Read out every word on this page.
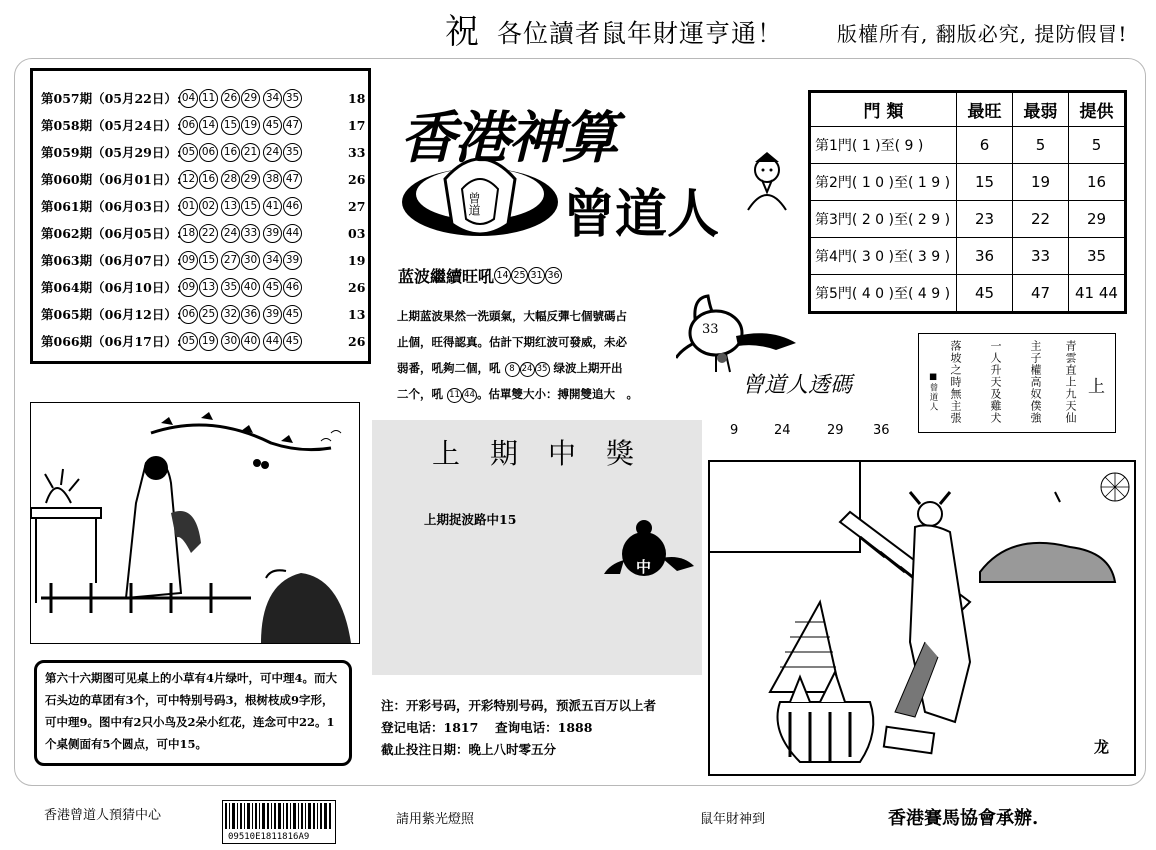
祝 各位讀者鼠年財運亨通！	版權所有, 翻版必究, 提防假冒!
第057期（05月22日）: 04 11 26 29 34 35	18
第058期（05月24日）: 06 14 15 19 45 47	17
第059期（05月29日）: 05 06 16 21 24 35	33
第060期（06月01日）: 12 16 28 29 38 47	26
第061期（06月03日）: 01 02 13 15 41 46	27
第062期（06月05日）: 18 22 24 33 39 44	03
第063期（06月07日）: 09 15 27 30 34 39	19
第064期（06月10日）: 09 13 35 40 45 46	26
第065期（06月12日）: 06 25 32 36 39 45	13
第066期（06月17日）: 05 19 30 40 44 45	26
香港神算
曾道人
曾道
門 類	最旺	最弱	提供
第1門( 1 )至( 9 )	6	5	5
第2門( 1 0 )至( 1 9 )	15	19	16
第3門( 2 0 )至( 2 9 )	23	22	29
第4門( 3 0 )至( 3 9 )	36	33	35
第5門( 4 0 )至( 4 9 )	45	47	41 44
蓝波繼續旺吼 14 25 31 36
上期蓝波果然一洗頭氣，大幅反彈七個號碼占
止個，旺得認真。估計下期红波可發威，未必
弱番，吼夠二個，吼 8 24 35 绿波上期开出
二个，吼 11 44 。估單雙大小：搏開雙追大　。
33
曾道人透碼
9	24	29 36
■曾道人 落坡之時無主張 一人升天及雞犬 主子權高奴僕強 青雲直上九天仙 上
第六十六期图可见桌上的小草有4片绿叶，可中理4。而大石头边的草团有3个，可中特别号码3，根树枝成9字形，可中理9。图中有2只小鸟及2朵小红花，连念可中22。1个桌侧面有5个圆点，可中15。
上期中獎
上期捉波路中15
中
注：开彩号码，开彩特别号码，预派五百万以上者
登记电话：1817　 查询电话：1888
截止投注日期：晚上八时零五分	龙
香港曾道人預猜中心
09510E1811816A9
請用紫光燈照	鼠年財神到	香港賽馬協會承辦.
